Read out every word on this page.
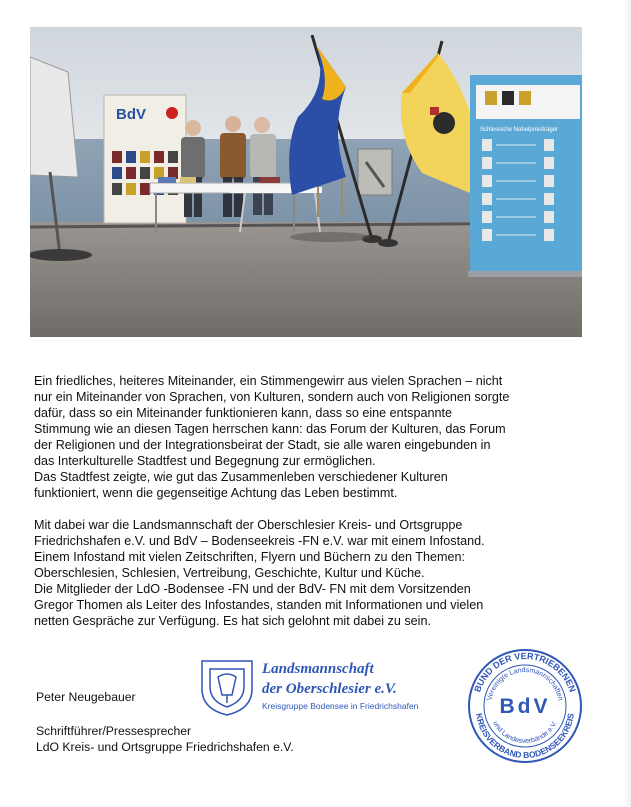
BdV
Schlesische Nobelpreisträger

Ein friedliches, heiteres Miteinander, ein Stimmengewirr aus vielen Sprachen – nicht

nur ein Miteinander von Sprachen, von Kulturen, sondern auch von Religionen sorgte

dafür, dass so ein Miteinander funktionieren kann, dass so eine entspannte

Stimmung wie an diesen Tagen herrschen kann: das Forum der Kulturen, das Forum

der Religionen und der Integrationsbeirat der Stadt, sie alle waren eingebunden in

das Interkulturelle Stadtfest und Begegnung zur ermöglichen.

Das Stadtfest zeigte, wie gut das Zusammenleben verschiedener Kulturen

funktioniert, wenn die gegenseitige Achtung das Leben bestimmt.

Mit dabei war die Landsmannschaft der Oberschlesier Kreis- und Ortsgruppe

Friedrichshafen e.V. und BdV – Bodenseekreis -FN e.V. war mit einem Infostand.

Einem Infostand mit vielen Zeitschriften, Flyern und Büchern zu den Themen:

Oberschlesien, Schlesien, Vertreibung, Geschichte, Kultur und Küche.

Die Mitglieder der LdO -Bodensee -FN und der BdV- FN mit dem Vorsitzenden

Gregor Thomen als Leiter des Infostandes, standen mit Informationen und vielen

netten Gespräche zur Verfügung. Es hat sich gelohnt mit dabei zu sein.

Peter Neugebauer
Schriftführer/Pressesprecher
LdO Kreis- und Ortsgruppe Friedrichshafen e.V.
Landsmannschaft
der Oberschlesier e.V.
Kreisgruppe Bodensee in Friedrichshafen
BUND DER VERTRIEBENEN
Vereinigte Landsmannschaften
BdV
und Landesverbände e.V.
KREISVERBAND BODENSEEKREIS
